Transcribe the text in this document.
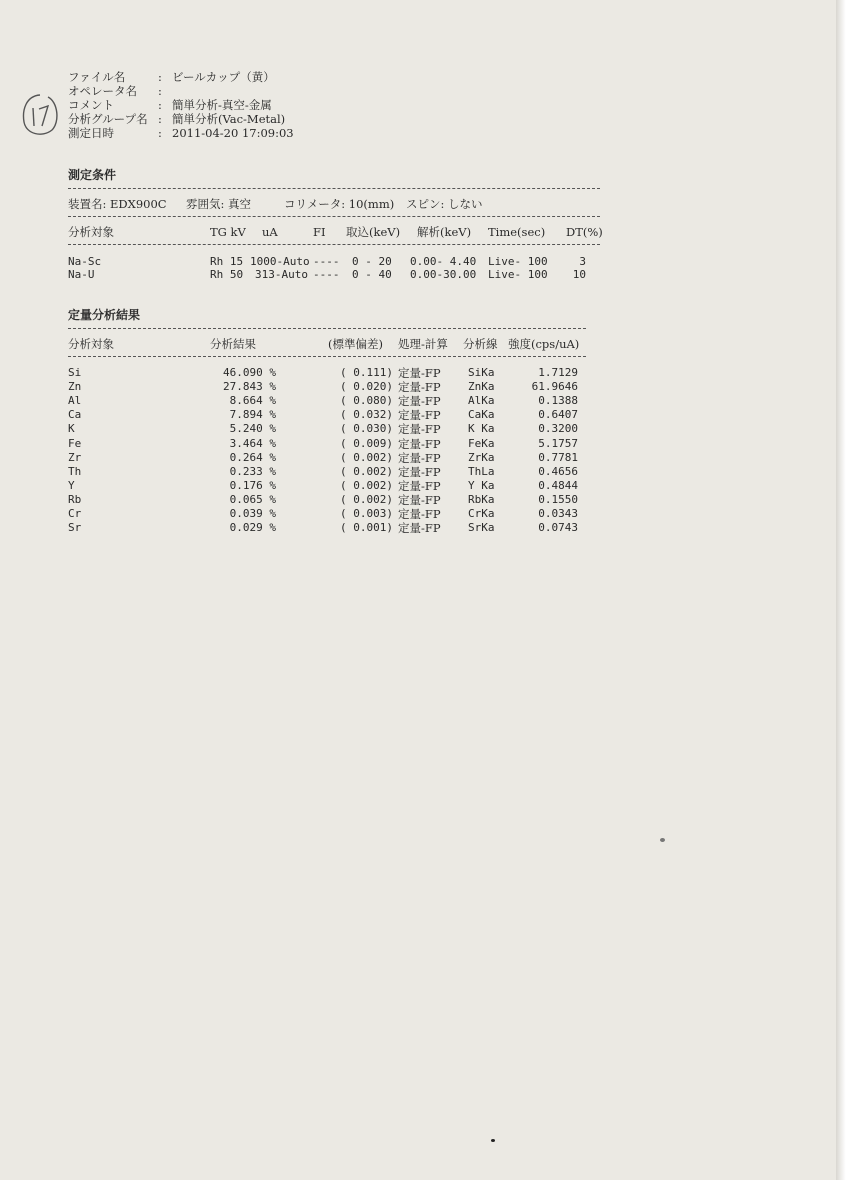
ファイル名	: ビールカップ（黄）
オペレータ名 :
コメント	: 簡単分析-真空-金属
分析グループ名 : 簡単分析(Vac-Metal)
測定日時	: 2011-04-20 17:09:03
測定条件
装置名: EDX900C 雰囲気: 真空	コリメータ: 10(mm) スピン: しない
分析対象	TG kV uA	FI 取込(keV) 解析(keV) Time(sec) DT(%)
Na-Sc	Rh 15 1000-Auto ---- 0 - 20 0.00- 4.40 Live- 100	3
Na-U	Rh 50 313-Auto ---- 0 - 40 0.00-30.00 Live- 100	10
定量分析結果
分析対象	分析結果	(標準偏差) 処理-計算 分析線 強度(cps/uA)
Si	46.090 %	( 0.111) 定量-FP SiKa	1.7129
Zn	27.843 %	( 0.020) 定量-FP ZnKa	61.9646
Al	8.664 %	( 0.080) 定量-FP AlKa	0.1388
Ca	7.894 %	( 0.032) 定量-FP CaKa	0.6407
K	5.240 %	( 0.030) 定量-FP K Ka	0.3200
Fe	3.464 %	( 0.009) 定量-FP FeKa	5.1757
Zr	0.264 %	( 0.002) 定量-FP ZrKa	0.7781
Th	0.233 %	( 0.002) 定量-FP ThLa	0.4656
Y	0.176 %	( 0.002) 定量-FP Y Ka	0.4844
Rb	0.065 %	( 0.002) 定量-FP RbKa	0.1550
Cr	0.039 %	( 0.003) 定量-FP CrKa	0.0343
Sr	0.029 %	( 0.001) 定量-FP SrKa	0.0743
